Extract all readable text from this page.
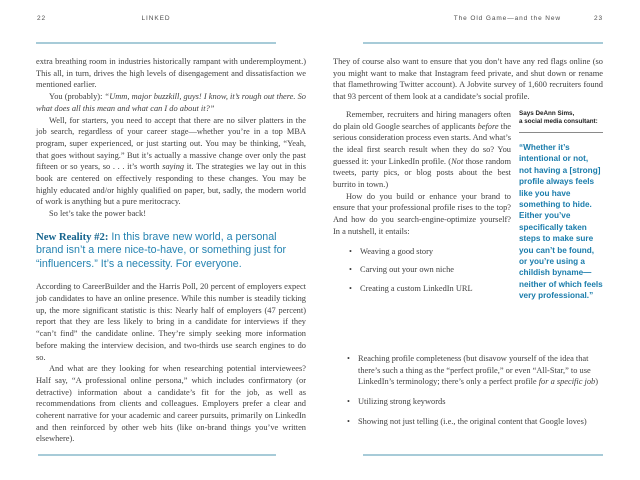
22	LINKED

extra breathing room in industries historically rampant with underemployment.) This all, in turn, drives the high levels of disengagement and dissatisfaction we mentioned earlier.

You (probably): “Umm, major buzzkill, guys! I know, it’s rough out there. So what does all this mean and what can I do about it?”

Well, for starters, you need to accept that there are no silver platters in the job search, regardless of your career stage—whether you’re in a top MBA program, super experienced, or just starting out. You may be thinking, “Yeah, that goes without saying.” But it’s actually a massive change over only the past fifteen or so years, so . . . it’s worth saying it. The strategies we lay out in this book are centered on effectively responding to these changes. You may be highly educated and/or highly qualified on paper, but, sadly, the modern world of work is anything but a pure meritocracy.

So let’s take the power back!

New Reality #2: In this brave new world, a personal brand isn’t a mere nice-to-have, or something just for “influencers.” It’s a necessity. For everyone.

According to CareerBuilder and the Harris Poll, 20 percent of employers expect job candidates to have an online presence. While this number is steadily ticking up, the more significant statistic is this: Nearly half of employers (47 percent) report that they are less likely to bring in a candidate for interviews if they “can’t find” the candidate online. They’re simply seeking more information before making the interview decision, and two-thirds use search engines to do so.

And what are they looking for when researching potential interviewees? Half say, “A professional online persona,” which includes confirmatory (or detractive) information about a candidate’s fit for the job, as well as recommendations from clients and colleagues. Employers prefer a clear and coherent narrative for your academic and career pursuits, primarily on LinkedIn and then reinforced by other web hits (like on-brand things you’ve written elsewhere).

The Old Game—and the New	23

They of course also want to ensure that you don’t have any red flags online (so you might want to make that Instagram feed private, and shut down or rename that flamethrowing Twitter account). A Jobvite survey of 1,600 recruiters found that 93 percent of them look at a candidate’s social profile.

Remember, recruiters and hiring managers often do plain old Google searches of applicants before the serious consideration process even starts. And what’s the ideal first search result when they do so? You guessed it: your LinkedIn profile. (Not those random tweets, party pics, or blog posts about the best burrito in town.)

How do you build or enhance your brand to ensure that your professional profile rises to the top? And how do you search-engine-optimize yourself? In a nutshell, it entails:

• Weaving a good story
• Carving out your own niche
• Creating a custom LinkedIn URL
Says DeAnn Sims,
a social media consultant:
“Whether it’s intentional or not, not having a [strong] profile always feels like you have something to hide. Either you’ve specifically taken steps to make sure you can’t be found, or you’re using a childish byname—neither of which feels very professional.”
• Reaching profile completeness (but disavow yourself of the idea that there’s such a thing as the “perfect profile,” or even “All-Star,” to use LinkedIn’s terminology; there’s only a perfect profile for a specific job)
• Utilizing strong keywords
• Showing not just telling (i.e., the original content that Google loves)
